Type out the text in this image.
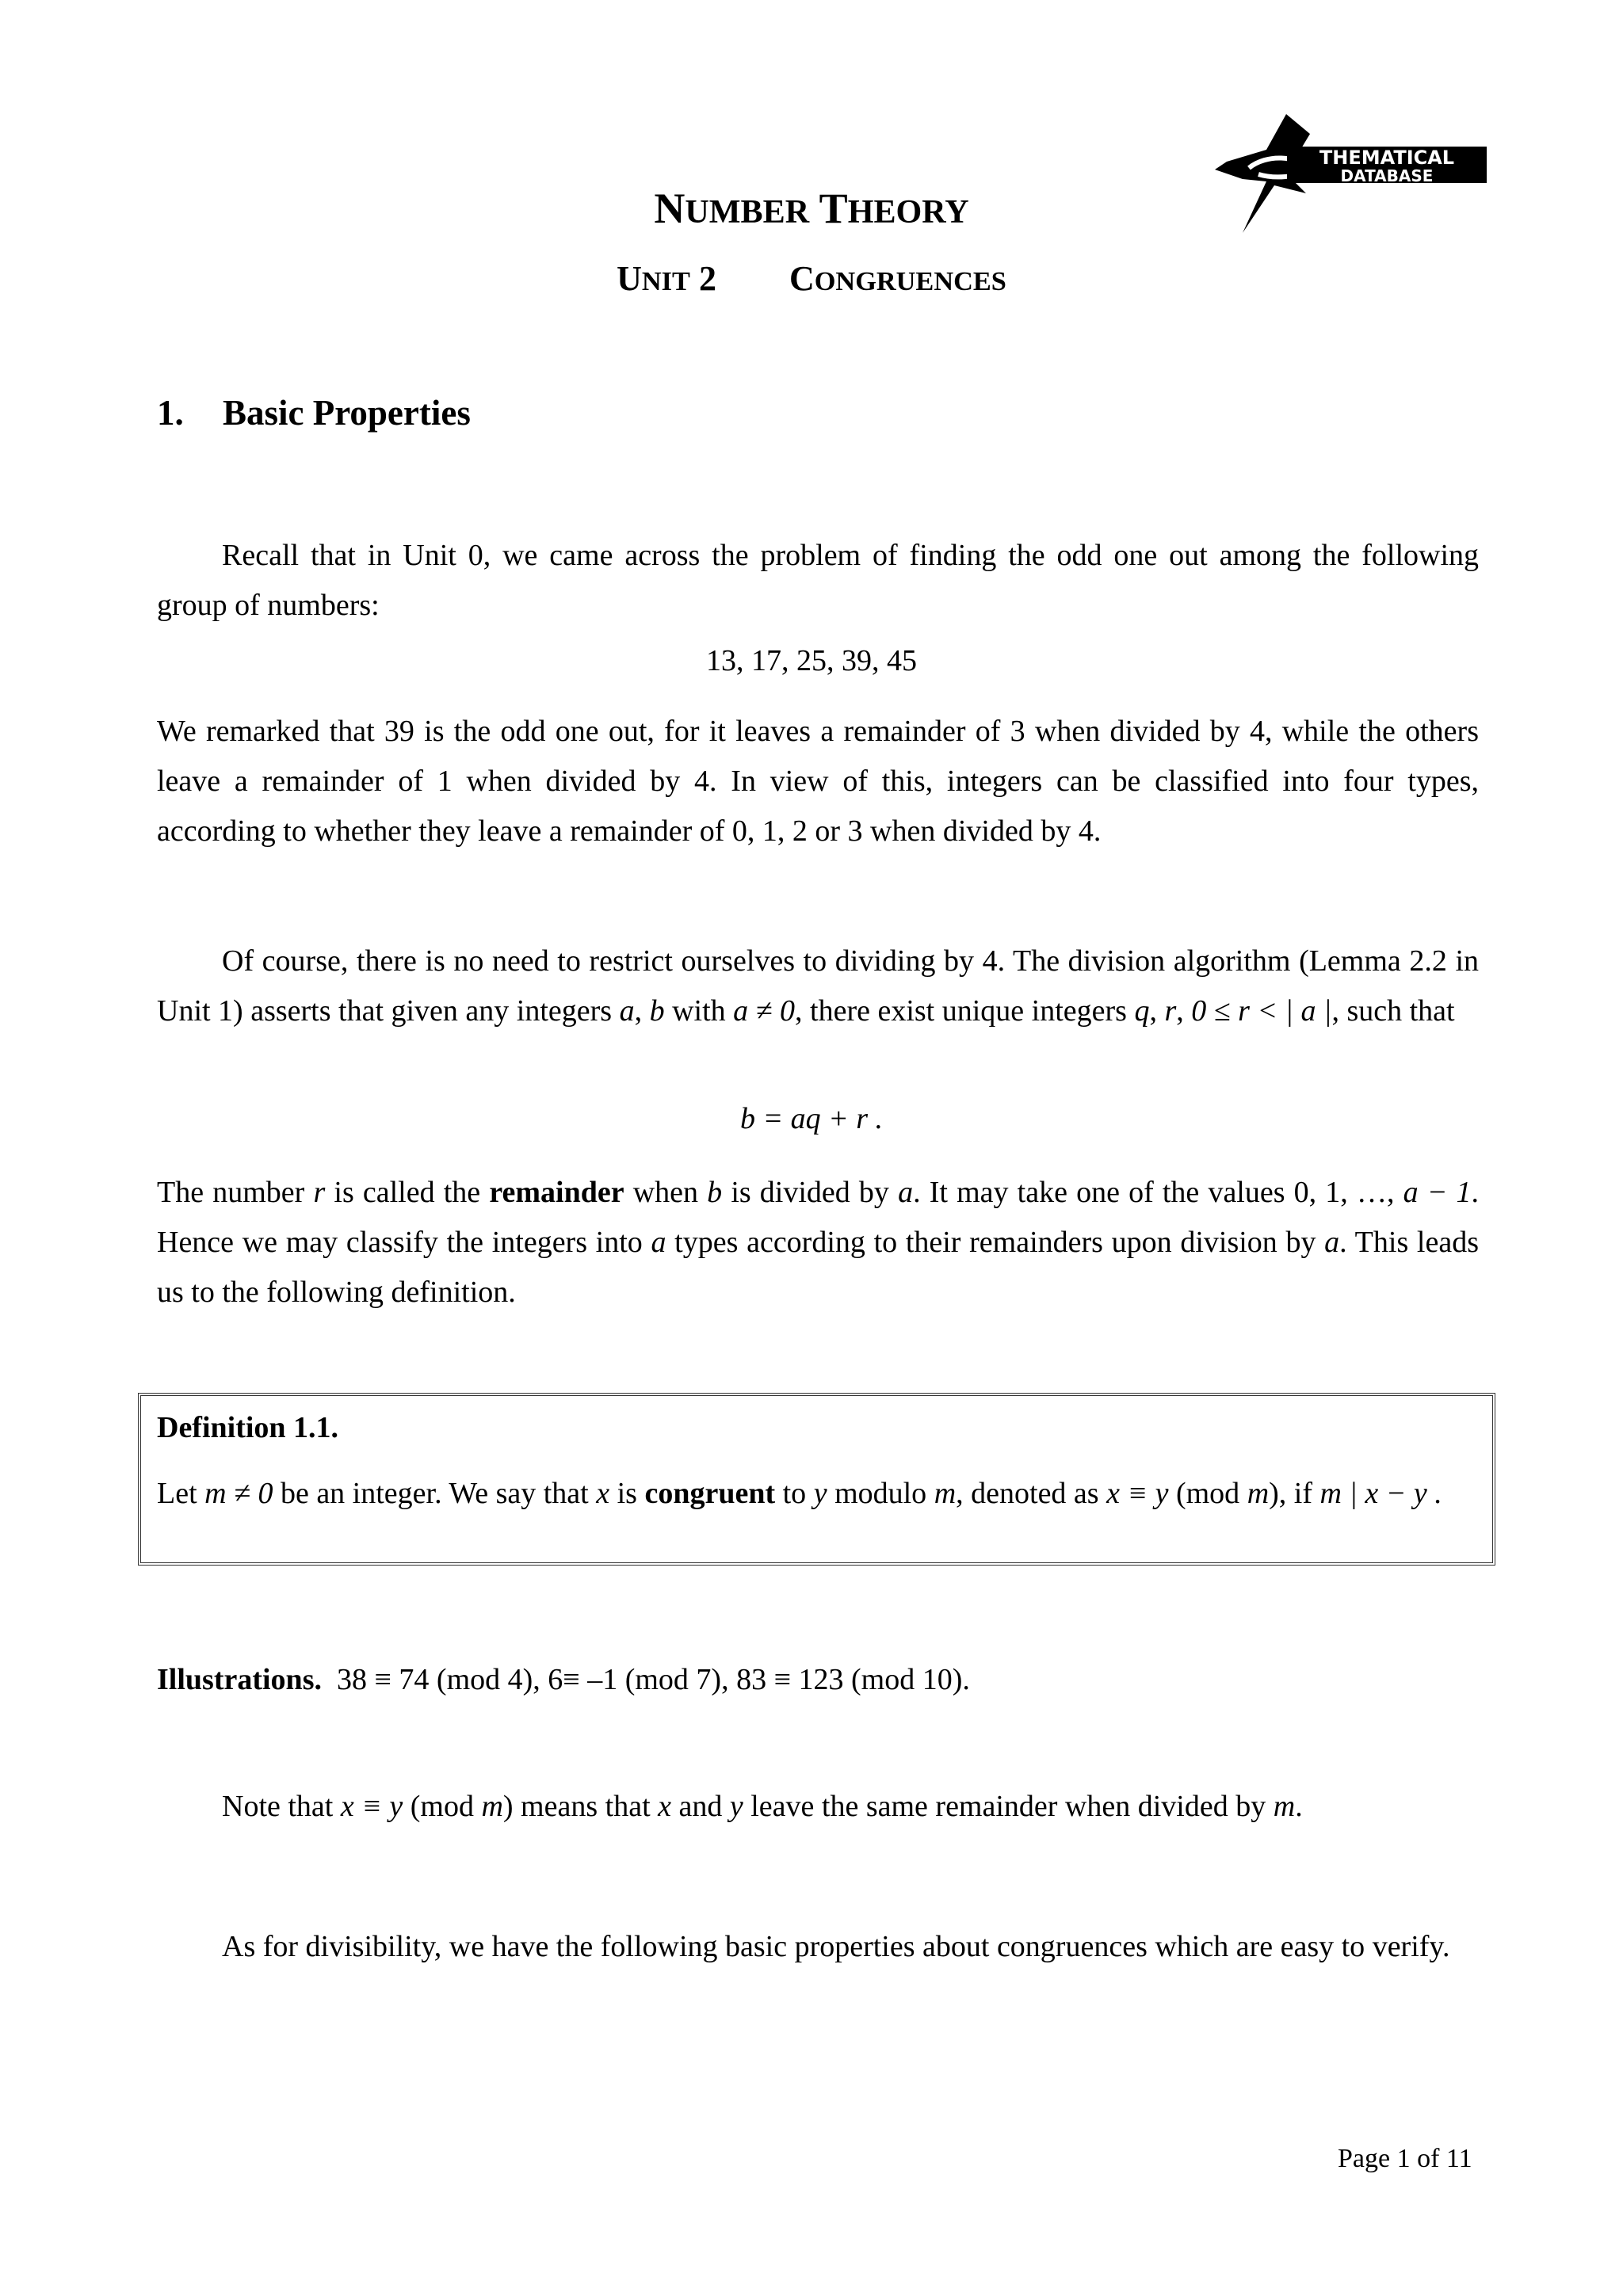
THEMATICAL
DATABASE
NUMBER THEORY
UNIT 2 CONGRUENCES
1. Basic Properties
Recall that in Unit 0, we came across the problem of finding the odd one out among the following group of numbers:
13, 17, 25, 39, 45
We remarked that 39 is the odd one out, for it leaves a remainder of 3 when divided by 4, while the others leave a remainder of 1 when divided by 4. In view of this, integers can be classified into four types, according to whether they leave a remainder of 0, 1, 2 or 3 when divided by 4.
Of course, there is no need to restrict ourselves to dividing by 4. The division algorithm (Lemma 2.2 in Unit 1) asserts that given any integers a, b with a ≠ 0, there exist unique integers q, r, 0 ≤ r < | a |, such that
b = aq + r .
The number r is called the remainder when b is divided by a. It may take one of the values 0, 1, …, a − 1. Hence we may classify the integers into a types according to their remainders upon division by a. This leads us to the following definition.
Definition 1.1.
Let m ≠ 0 be an integer. We say that x is congruent to y modulo m, denoted as x ≡ y (mod m), if m | x − y .
Illustrations. 38 ≡ 74 (mod 4), 6≡ –1 (mod 7), 83 ≡ 123 (mod 10).
Note that x ≡ y (mod m) means that x and y leave the same remainder when divided by m.
As for divisibility, we have the following basic properties about congruences which are easy to verify.
Page 1 of 11
